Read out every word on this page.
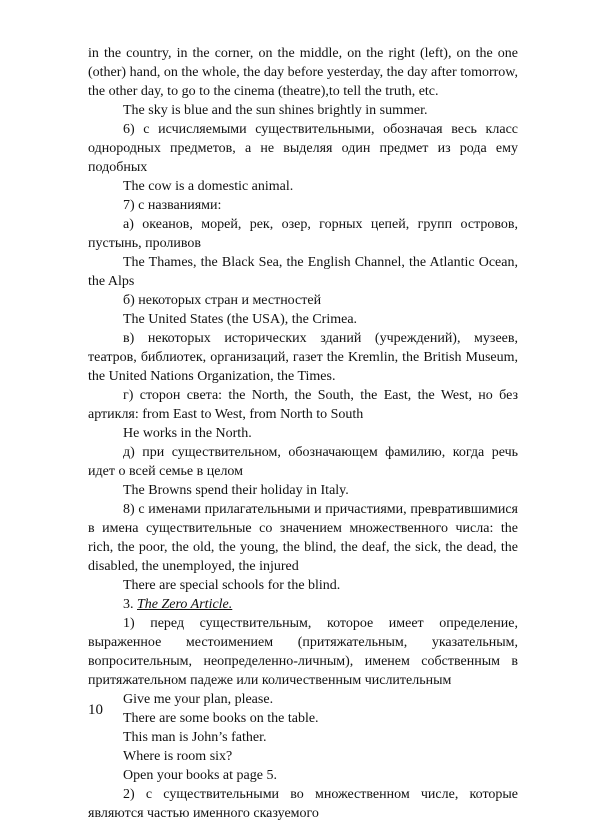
in the country, in the corner, on the middle, on the right (left), on the one (other) hand, on the whole, the day before yesterday, the day after tomorrow, the other day, to go to the cinema (theatre),to tell the truth, etc.

The sky is blue and the sun shines brightly in summer.

6) с исчисляемыми существительными, обозначая весь класс однородных предметов, а не выделяя один предмет из рода ему подобных

The cow is a domestic animal.

7) с названиями:

а) океанов, морей, рек, озер, горных цепей, групп островов, пустынь, проливов

The Thames, the Black Sea, the English Channel, the Atlantic Ocean, the Alps

б) некоторых стран и местностей

The United States (the USA), the Crimea.

в) некоторых исторических зданий (учреждений), музеев, театров, библиотек, организаций, газет the Kremlin, the British Museum, the United Nations Organization, the Times.

г) сторон света: the North, the South, the East, the West, но без артикля: from East to West, from North to South

He works in the North.

д) при существительном, обозначающем фамилию, когда речь идет о всей семье в целом

The Browns spend their holiday in Italy.

8) с именами прилагательными и причастиями, превратившимися в имена существительные со значением множественного числа: the rich, the poor, the old, the young, the blind, the deaf, the sick, the dead, the disabled, the unemployed, the injured

There are special schools for the blind.

3. The Zero Article.

1) перед существительным, которое имеет определение, выраженное местоимением (притяжательным, указательным, вопросительным, неопределенно-личным), именем собственным в притяжательном падеже или количественным числительным

Give me your plan, please.

There are some books on the table.

This man is John’s father.

Where is room six?

Open your books at page 5.

2) с существительными во множественном числе, которые являются частью именного сказуемого

10
